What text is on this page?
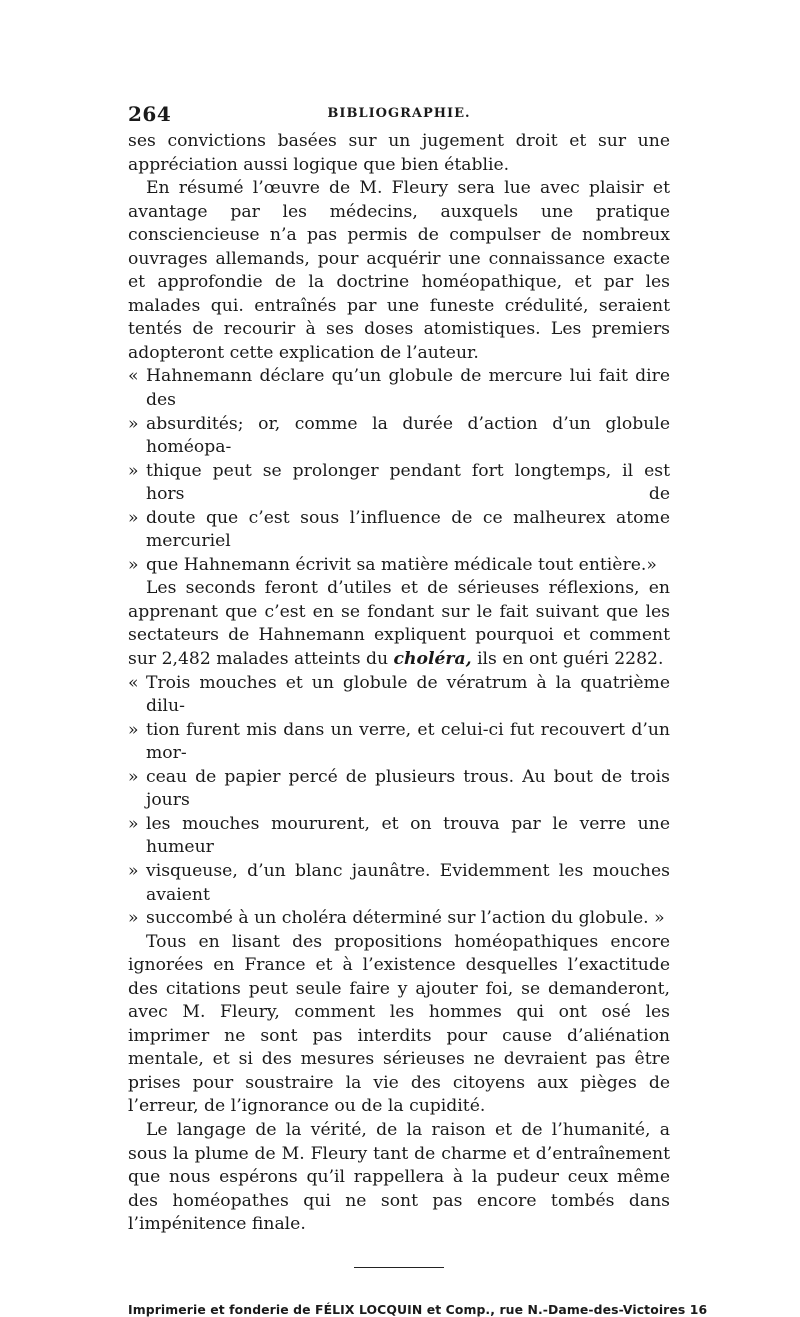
264	BIBLIOGRAPHIE.

ses convictions basées sur un jugement droit et sur une appréciation aussi logique que bien établie.

En résumé l’œuvre de M. Fleury sera lue avec plaisir et avantage par les médecins, auxquels une pratique consciencieuse n’a pas permis de compulser de nombreux ouvrages allemands, pour acquérir une connaissance exacte et approfondie de la doctrine homéopathique, et par les malades qui. entraînés par une funeste crédulité, seraient tentés de recourir à ses doses atomistiques. Les premiers adopteront cette explication de l’auteur.

« Hahnemann déclare qu’un globule de mercure lui fait dire des
» absurdités; or, comme la durée d’action d’un globule homéopa-
» thique peut se prolonger pendant fort longtemps, il est hors de
» doute que c’est sous l’influence de ce malheurex atome mercuriel
» que Hahnemann écrivit sa matière médicale tout entière.»

Les seconds feront d’utiles et de sérieuses réflexions, en apprenant que c’est en se fondant sur le fait suivant que les sectateurs de Hahnemann expliquent pourquoi et comment sur 2,482 malades atteints du choléra, ils en ont guéri 2282.

« Trois mouches et un globule de vératrum à la quatrième dilu-
» tion furent mis dans un verre, et celui-ci fut recouvert d’un mor-
» ceau de papier percé de plusieurs trous. Au bout de trois jours
» les mouches moururent, et on trouva par le verre une humeur
» visqueuse, d’un blanc jaunâtre. Evidemment les mouches avaient
» succombé à un choléra déterminé sur l’action du globule. »

Tous en lisant des propositions homéopathiques encore ignorées en France et à l’existence desquelles l’exactitude des citations peut seule faire y ajouter foi, se demanderont, avec M. Fleury, comment les hommes qui ont osé les imprimer ne sont pas interdits pour cause d’aliénation mentale, et si des mesures sérieuses ne devraient pas être prises pour soustraire la vie des citoyens aux pièges de l’erreur, de l’ignorance ou de la cupidité.

Le langage de la vérité, de la raison et de l’humanité, a sous la plume de M. Fleury tant de charme et d’entraînement que nous espérons qu’il rappellera à la pudeur ceux même des homéopathes qui ne sont pas encore tombés dans l’impénitence finale.

Imprimerie et fonderie de FÉLIX LOCQUIN et Comp., rue N.-Dame-des-Victoires 16
